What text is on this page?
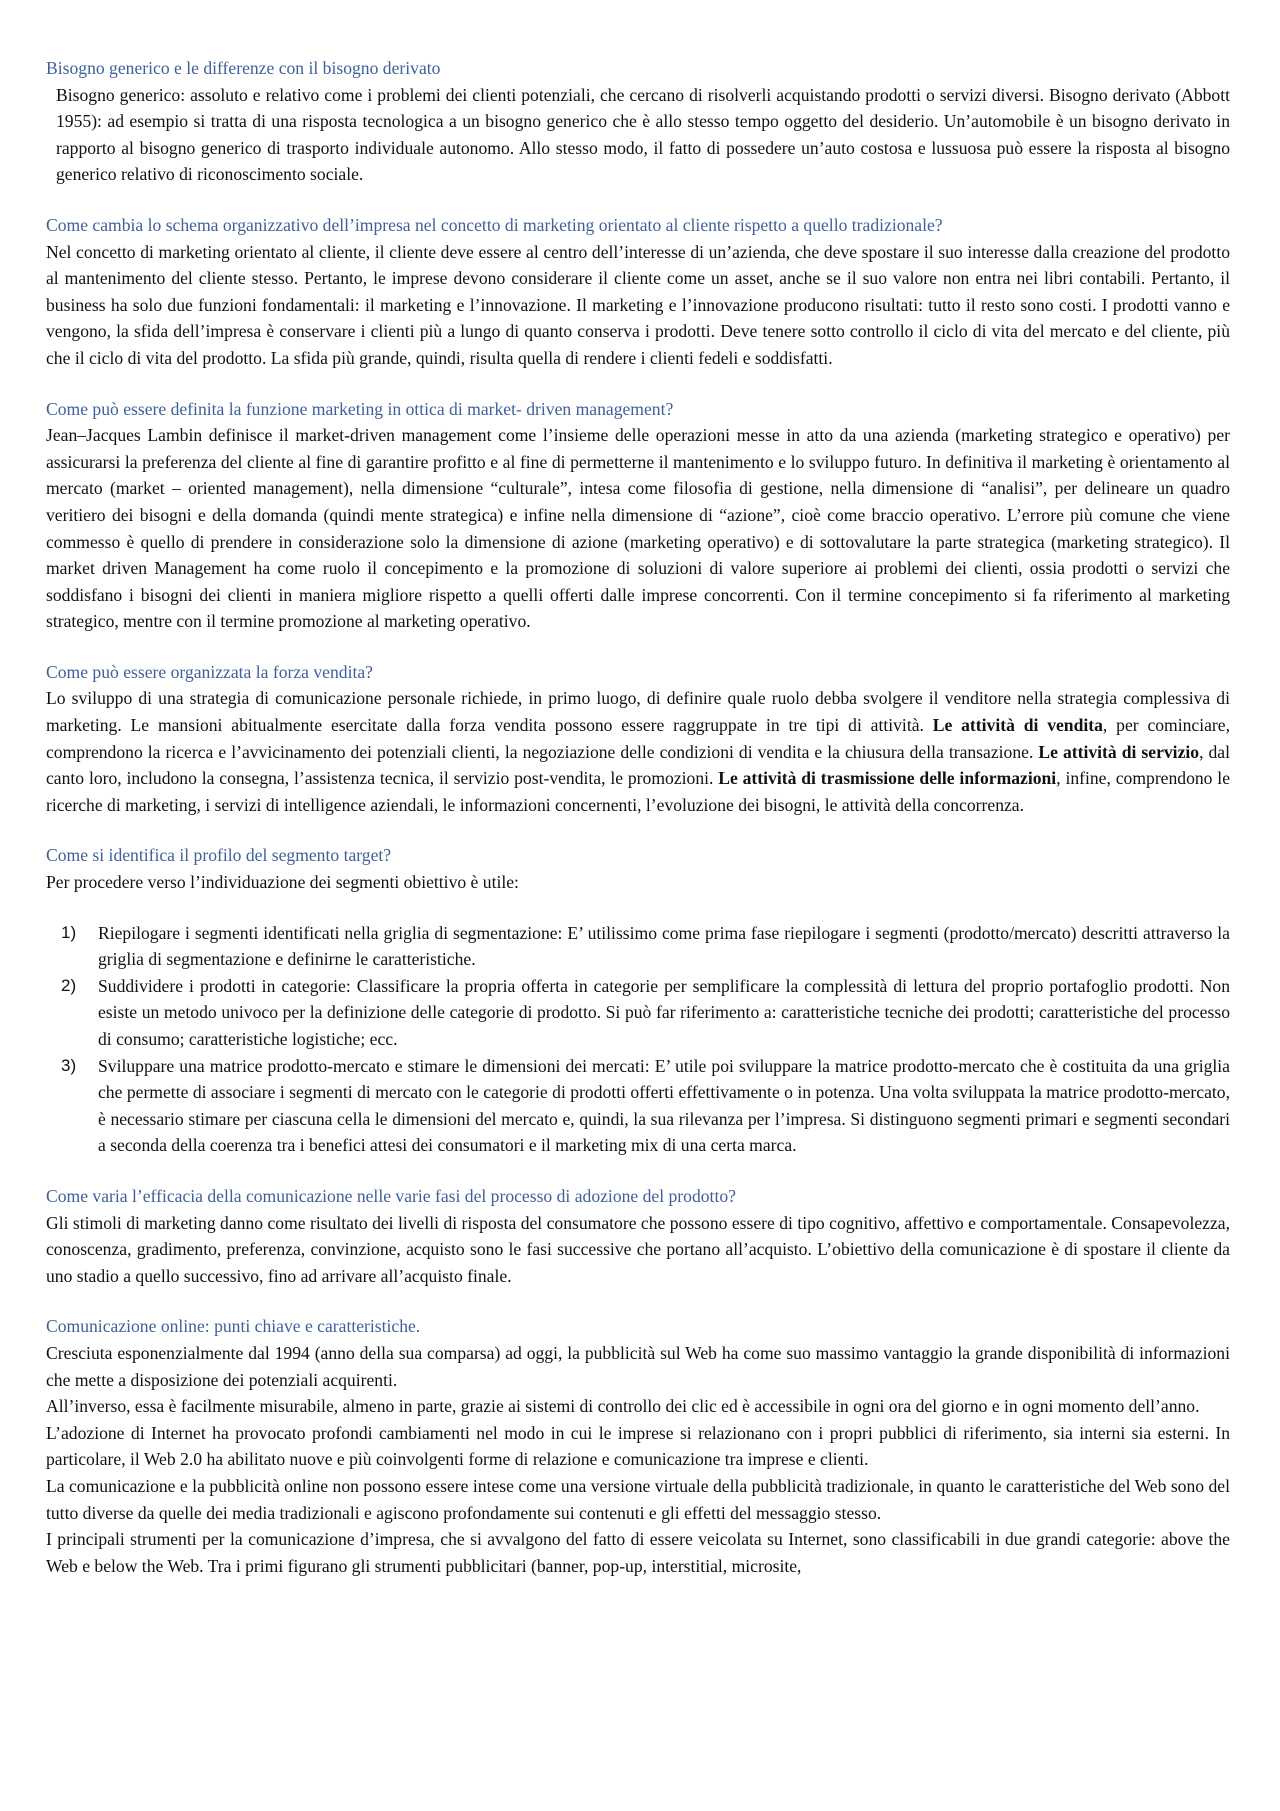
Bisogno generico e le differenze con il bisogno derivato

Bisogno generico: assoluto e relativo come i problemi dei clienti potenziali, che cercano di risolverli acquistando prodotti o servizi diversi. Bisogno derivato (Abbott 1955): ad esempio si tratta di una risposta tecnologica a un bisogno generico che è allo stesso tempo oggetto del desiderio. Un’automobile è un bisogno derivato in rapporto al bisogno generico di trasporto individuale autonomo. Allo stesso modo, il fatto di possedere un’auto costosa e lussuosa può essere la risposta al bisogno generico relativo di riconoscimento sociale.

Come cambia lo schema organizzativo dell’impresa nel concetto di marketing orientato al cliente rispetto a quello tradizionale?

Nel concetto di marketing orientato al cliente, il cliente deve essere al centro dell’interesse di un’azienda, che deve spostare il suo interesse dalla creazione del prodotto al mantenimento del cliente stesso. Pertanto, le imprese devono considerare il cliente come un asset, anche se il suo valore non entra nei libri contabili. Pertanto, il business ha solo due funzioni fondamentali: il marketing e l’innovazione. Il marketing e l’innovazione producono risultati: tutto il resto sono costi. I prodotti vanno e vengono, la sfida dell’impresa è conservare i clienti più a lungo di quanto conserva i prodotti. Deve tenere sotto controllo il ciclo di vita del mercato e del cliente, più che il ciclo di vita del prodotto. La sfida più grande, quindi, risulta quella di rendere i clienti fedeli e soddisfatti.

Come può essere definita la funzione marketing in ottica di market- driven management?

Jean–Jacques Lambin definisce il market-driven management come l’insieme delle operazioni messe in atto da una azienda (marketing strategico e operativo) per assicurarsi la preferenza del cliente al fine di garantire profitto e al fine di permetterne il mantenimento e lo sviluppo futuro. In definitiva il marketing è orientamento al mercato (market – oriented management), nella dimensione “culturale”, intesa come filosofia di gestione, nella dimensione di “analisi”, per delineare un quadro veritiero dei bisogni e della domanda (quindi mente strategica) e infine nella dimensione di “azione”, cioè come braccio operativo. L’errore più comune che viene commesso è quello di prendere in considerazione solo la dimensione di azione (marketing operativo) e di sottovalutare la parte strategica (marketing strategico). Il market driven Management ha come ruolo il concepimento e la promozione di soluzioni di valore superiore ai problemi dei clienti, ossia prodotti o servizi che soddisfano i bisogni dei clienti in maniera migliore rispetto a quelli offerti dalle imprese concorrenti. Con il termine concepimento si fa riferimento al marketing strategico, mentre con il termine promozione al marketing operativo.

Come può essere organizzata la forza vendita?

Lo sviluppo di una strategia di comunicazione personale richiede, in primo luogo, di definire quale ruolo debba svolgere il venditore nella strategia complessiva di marketing. Le mansioni abitualmente esercitate dalla forza vendita possono essere raggruppate in tre tipi di attività. Le attività di vendita, per cominciare, comprendono la ricerca e l’avvicinamento dei potenziali clienti, la negoziazione delle condizioni di vendita e la chiusura della transazione. Le attività di servizio, dal canto loro, includono la consegna, l’assistenza tecnica, il servizio post-vendita, le promozioni. Le attività di trasmissione delle informazioni, infine, comprendono le ricerche di marketing, i servizi di intelligence aziendali, le informazioni concernenti, l’evoluzione dei bisogni, le attività della concorrenza.

Come si identifica il profilo del segmento target?

Per procedere verso l’individuazione dei segmenti obiettivo è utile:

1) Riepilogare i segmenti identificati nella griglia di segmentazione: E’ utilissimo come prima fase riepilogare i segmenti (prodotto/mercato) descritti attraverso la griglia di segmentazione e definirne le caratteristiche.
2) Suddividere i prodotti in categorie: Classificare la propria offerta in categorie per semplificare la complessità di lettura del proprio portafoglio prodotti. Non esiste un metodo univoco per la definizione delle categorie di prodotto. Si può far riferimento a: caratteristiche tecniche dei prodotti; caratteristiche del processo di consumo; caratteristiche logistiche; ecc.
3) Sviluppare una matrice prodotto-mercato e stimare le dimensioni dei mercati: E’ utile poi sviluppare la matrice prodotto-mercato che è costituita da una griglia che permette di associare i segmenti di mercato con le categorie di prodotti offerti effettivamente o in potenza. Una volta sviluppata la matrice prodotto-mercato, è necessario stimare per ciascuna cella le dimensioni del mercato e, quindi, la sua rilevanza per l’impresa. Si distinguono segmenti primari e segmenti secondari a seconda della coerenza tra i benefici attesi dei consumatori e il marketing mix di una certa marca.
Come varia l’efficacia della comunicazione nelle varie fasi del processo di adozione del prodotto?

Gli stimoli di marketing danno come risultato dei livelli di risposta del consumatore che possono essere di tipo cognitivo, affettivo e comportamentale. Consapevolezza, conoscenza, gradimento, preferenza, convinzione, acquisto sono le fasi successive che portano all’acquisto. L’obiettivo della comunicazione è di spostare il cliente da uno stadio a quello successivo, fino ad arrivare all’acquisto finale.

Comunicazione online: punti chiave e caratteristiche.

Cresciuta esponenzialmente dal 1994 (anno della sua comparsa) ad oggi, la pubblicità sul Web ha come suo massimo vantaggio la grande disponibilità di informazioni che mette a disposizione dei potenziali acquirenti.

All’inverso, essa è facilmente misurabile, almeno in parte, grazie ai sistemi di controllo dei clic ed è accessibile in ogni ora del giorno e in ogni momento dell’anno.

L’adozione di Internet ha provocato profondi cambiamenti nel modo in cui le imprese si relazionano con i propri pubblici di riferimento, sia interni sia esterni. In particolare, il Web 2.0 ha abilitato nuove e più coinvolgenti forme di relazione e comunicazione tra imprese e clienti.

La comunicazione e la pubblicità online non possono essere intese come una versione virtuale della pubblicità tradizionale, in quanto le caratteristiche del Web sono del tutto diverse da quelle dei media tradizionali e agiscono profondamente sui contenuti e gli effetti del messaggio stesso.

I principali strumenti per la comunicazione d’impresa, che si avvalgono del fatto di essere veicolata su Internet, sono classificabili in due grandi categorie: above the Web e below the Web. Tra i primi figurano gli strumenti pubblicitari (banner, pop-up, interstitial, microsite,
